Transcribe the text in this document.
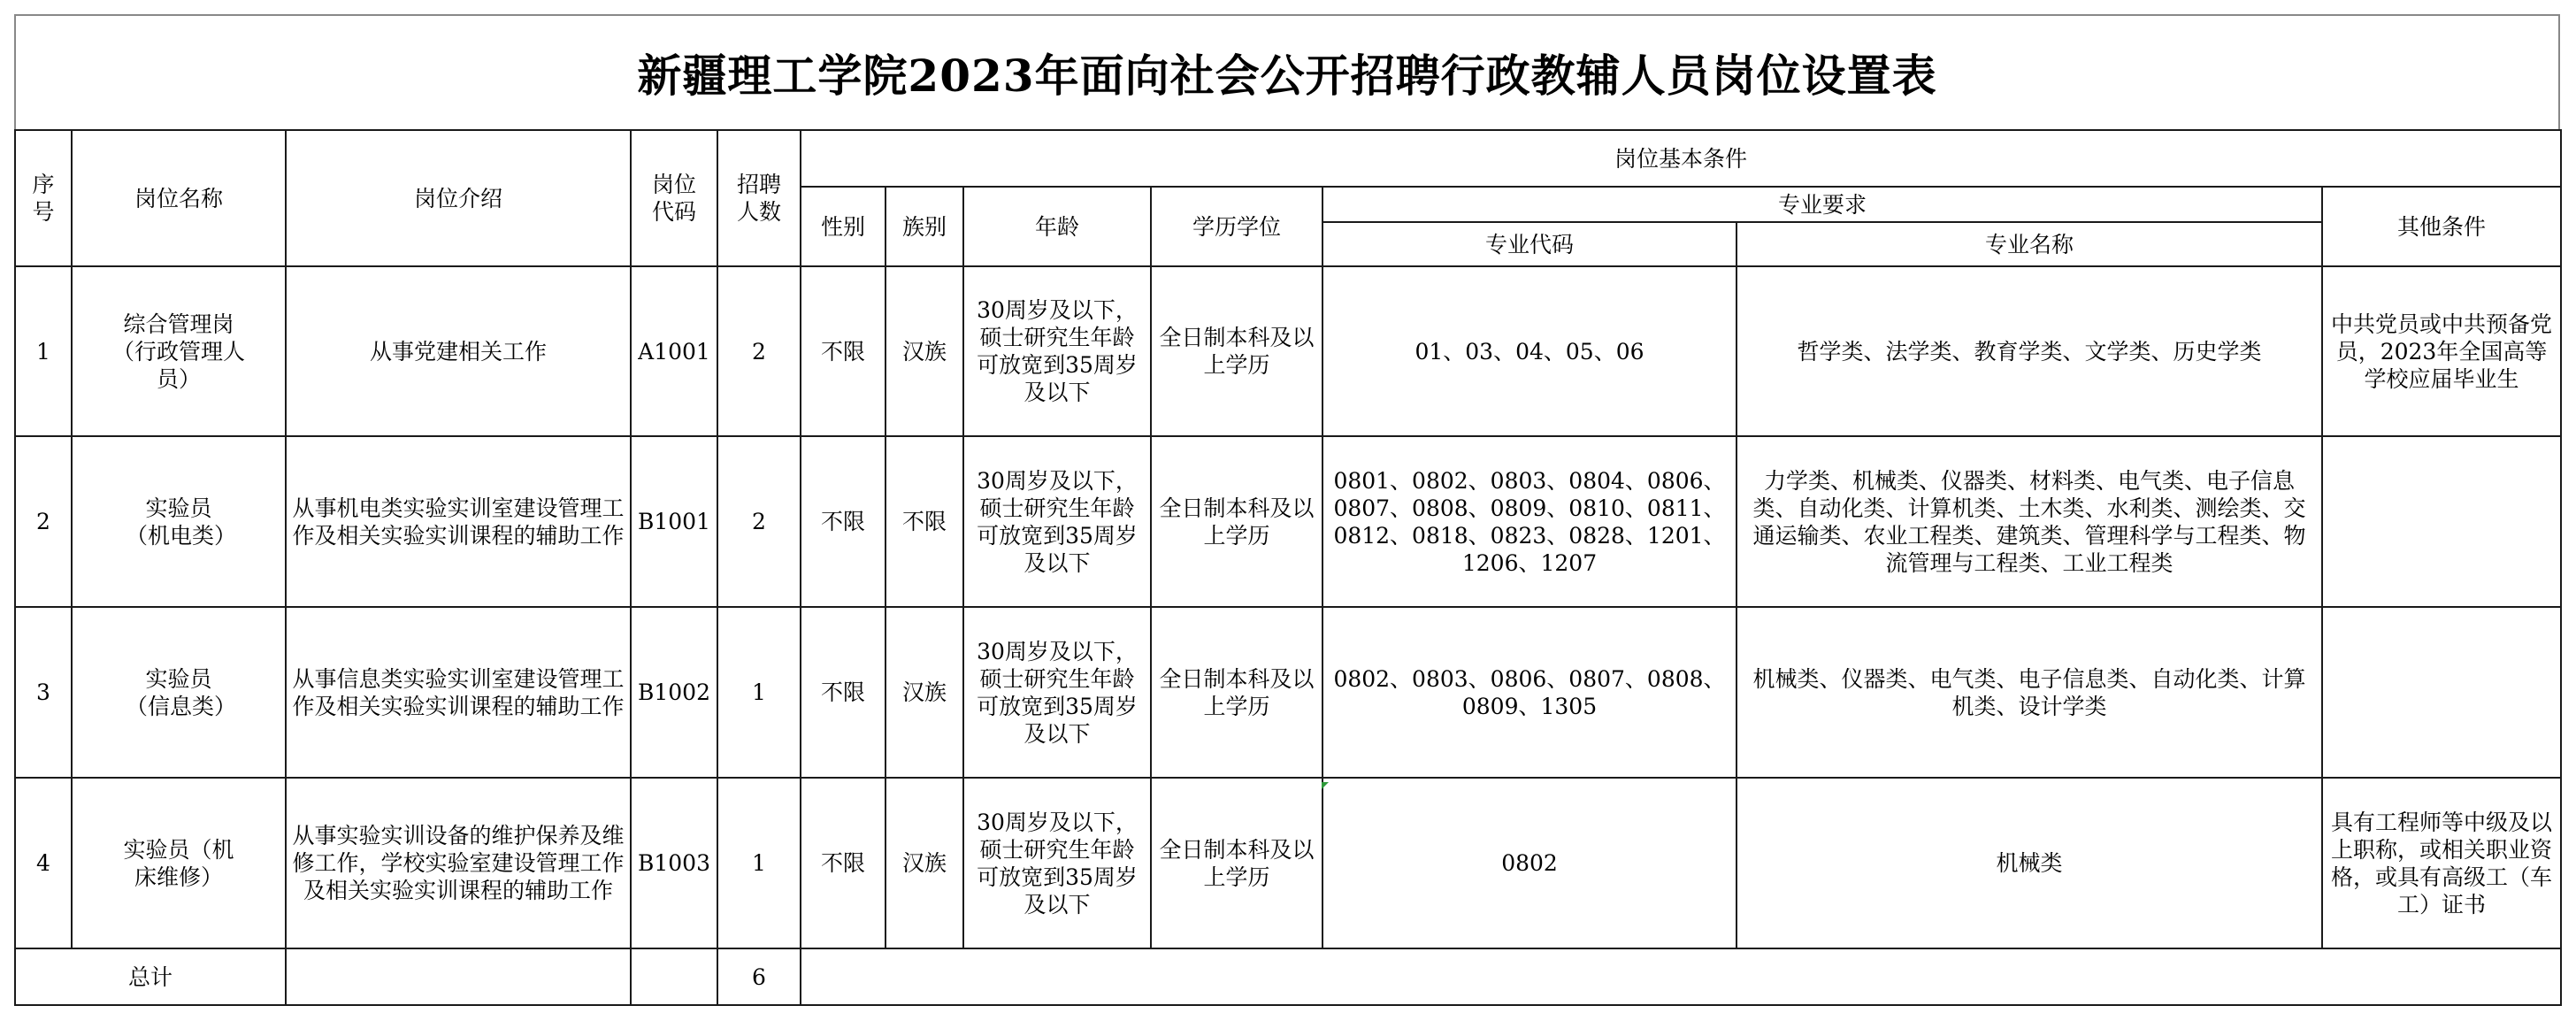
新疆理工学院2023年面向社会公开招聘行政教辅人员岗位设置表
序号	岗位名称	岗位介绍	岗位代码	招聘人数	岗位基本条件						
					性别	族别	年龄	学历学位	专业要求		其他条件
									专业代码	专业名称	
1	综合管理岗（行政管理人员）	从事党建相关工作	A1001	2	不限	汉族	30周岁及以下，硕士研究生年龄可放宽到35周岁及以下	全日制本科及以上学历	01、03、04、05、06	哲学类、法学类、教育学类、文学类、历史学类	中共党员或中共预备党员，2023年全国高等学校应届毕业生
2	实验员（机电类）	从事机电类实验实训室建设管理工作及相关实验实训课程的辅助工作	B1001	2	不限	不限	30周岁及以下，硕士研究生年龄可放宽到35周岁及以下	全日制本科及以上学历	0801、0802、0803、0804、0806、0807、0808、0809、0810、0811、0812、0818、0823、0828、1201、1206、1207	力学类、机械类、仪器类、材料类、电气类、电子信息类、自动化类、计算机类、土木类、水利类、测绘类、交通运输类、农业工程类、建筑类、管理科学与工程类、物流管理与工程类、工业工程类	
3	实验员（信息类）	从事信息类实验实训室建设管理工作及相关实验实训课程的辅助工作	B1002	1	不限	汉族	30周岁及以下，硕士研究生年龄可放宽到35周岁及以下	全日制本科及以上学历	0802、0803、0806、0807、0808、0809、1305	机械类、仪器类、电气类、电子信息类、自动化类、计算机类、设计学类	
4	实验员（机床维修）	从事实验实训设备的维护保养及维修工作，学校实验室建设管理工作及相关实验实训课程的辅助工作	B1003	1	不限	汉族	30周岁及以下，硕士研究生年龄可放宽到35周岁及以下	全日制本科及以上学历	0802	机械类	具有工程师等中级及以上职称，或相关职业资格，或具有高级工（车工）证书
总计				6							
